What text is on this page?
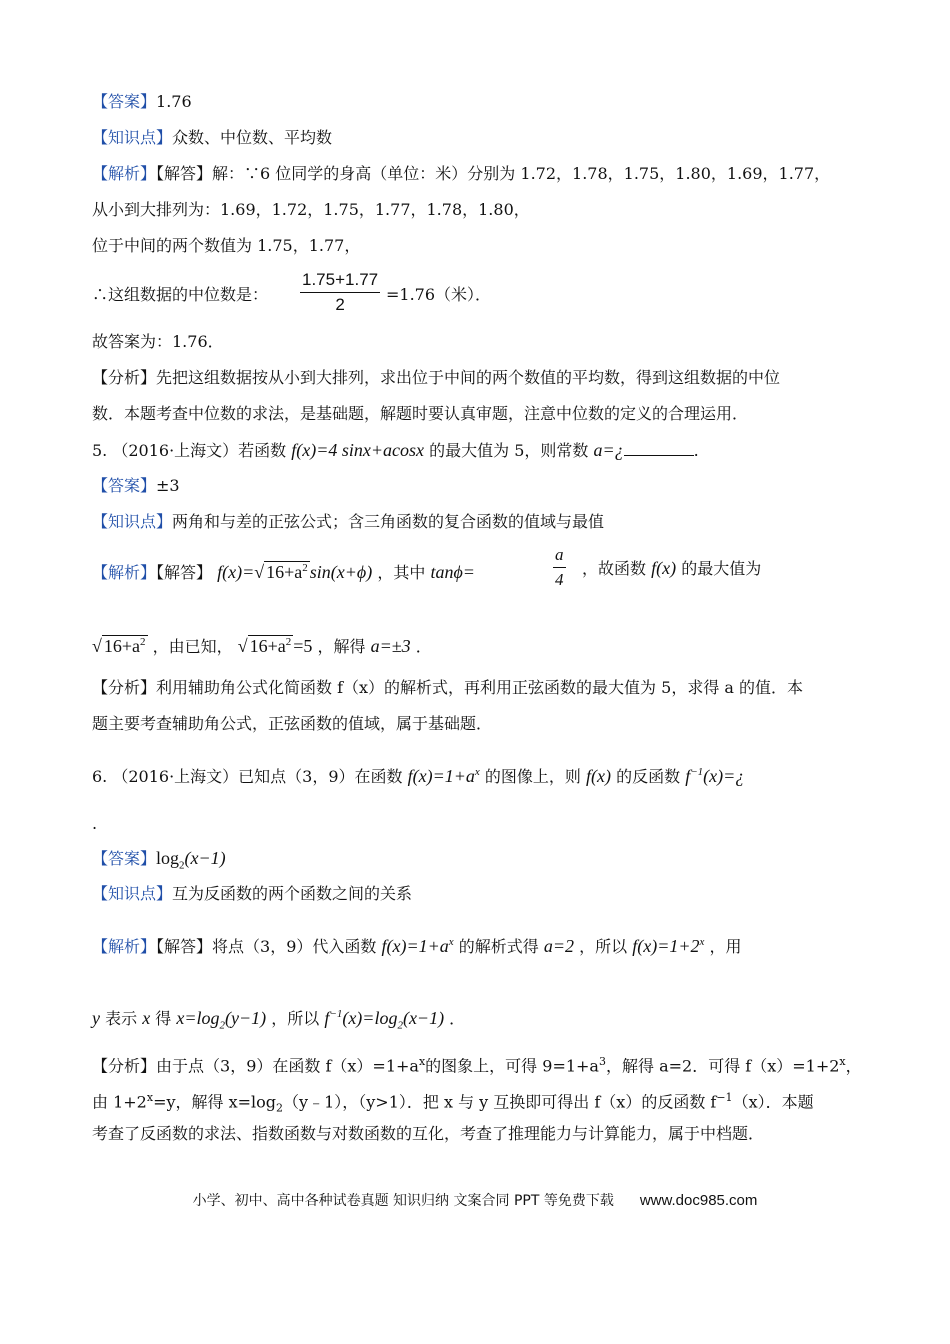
【答案】1.76
【知识点】众数、中位数、平均数
【解析】【解答】解：∵6 位同学的身高（单位：米）分别为 1.72，1.78，1.75，1.80，1.69，1.77，
从小到大排列为：1.69，1.72，1.75，1.77，1.78，1.80，
位于中间的两个数值为 1.75，1.77，
∴这组数据的中位数是： $\frac{1.75+1.77}{2} =1.76$（米）．
故答案为：1.76．
【分析】先把这组数据按从小到大排列，求出位于中间的两个数值的平均数，得到这组数据的中位
数．本题考查中位数的求法，是基础题，解题时要认真审题，注意中位数的定义的合理运用．
5. （2016·上海文）若函数 f(x)=4 sinx+acosx 的最大值为 5，则常数 a=¿	.
【答案】±3
【知识点】两角和与差的正弦公式；含三角函数的复合函数的值域与最值
【解析】【解答】 f(x)=√ $16+a^2$ sin(x+ϕ) ，其中 tanϕ=	$\frac{a}{4}$ ，故函数 f(x) 的最大值为
√ $16+a^2$ ，由已知， √ $16+a^2 =5$ ，解得 a=±3 ．
【分析】利用辅助角公式化简函数 f（x）的解析式，再利用正弦函数的最大值为 5，求得 a 的值．本
题主要考查辅助角公式，正弦函数的值域，属于基础题．
6. （2016·上海文）已知点（3，9）在函数 $f(x)=1+a^x$ 的图像上，则 f(x) 的反函数 $f^{-1}(x)=¿$
.
【答案】$\log_2(x-1)$
【知识点】互为反函数的两个函数之间的关系
【解析】【解答】将点（3，9）代入函数 $f(x)=1+a^x$ 的解析式得 a=2 ，所以 $f(x)=1+2^x$ ，用
y 表示 x 得 $x=\log_2(y-1)$ ，所以 $f^{-1}(x)=\log_2(x-1)$ ．
【分析】由于点（3，9）在函数 $f(x)=1+a^x$的图象上，可得 $9=1+a^3$，解得 a=2．可得 $f(x)=1+2^x$，
由 $1+2^x=y$，解得 $x=\log_2(y﹣1)$，（y>1）．把 x 与 y 互换即可得出 f（x）的反函数 $f^{-1}(x)$．本题
考查了反函数的求法、指数函数与对数函数的互化，考查了推理能力与计算能力，属于中档题．
小学、初中、高中各种试卷真题 知识归纳 文案合同 PPT 等免费下载 www.doc985.com
